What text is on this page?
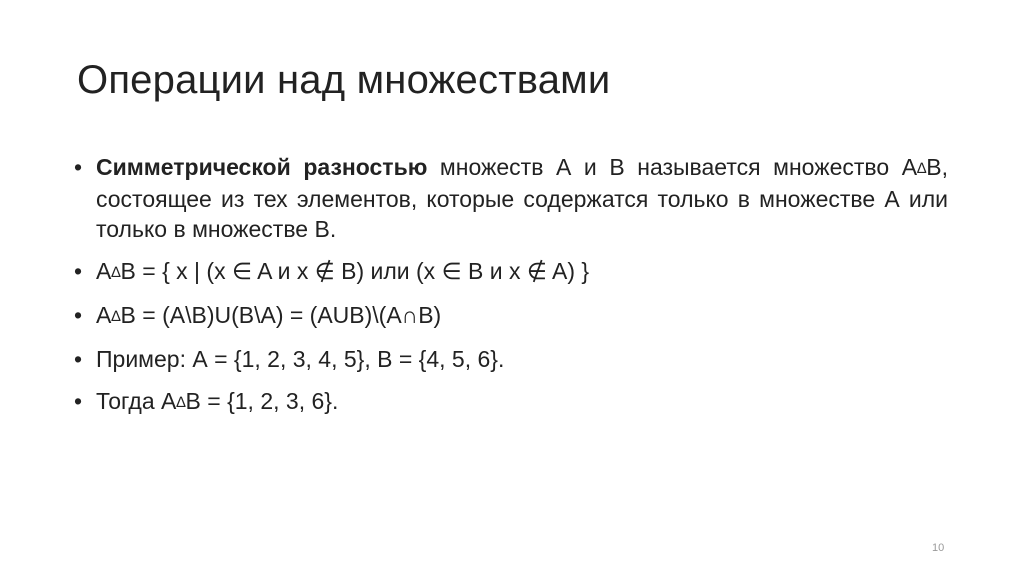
Операции над множествами
• Симметрической разностью множеств А и В называется множество А∆В, состоящее из тех элементов, которые содержатся только в множестве А или только в множестве В.
• А∆В = { x | (x ∈ A и x ∉ B) или (x ∈ B и x ∉ A) }
• А∆В = (A\B)U(B\A) = (AUB)\(A∩B)
• Пример: А = {1, 2, 3, 4, 5}, В = {4, 5, 6}.
• Тогда А∆В = {1, 2, 3, 6}.
10
